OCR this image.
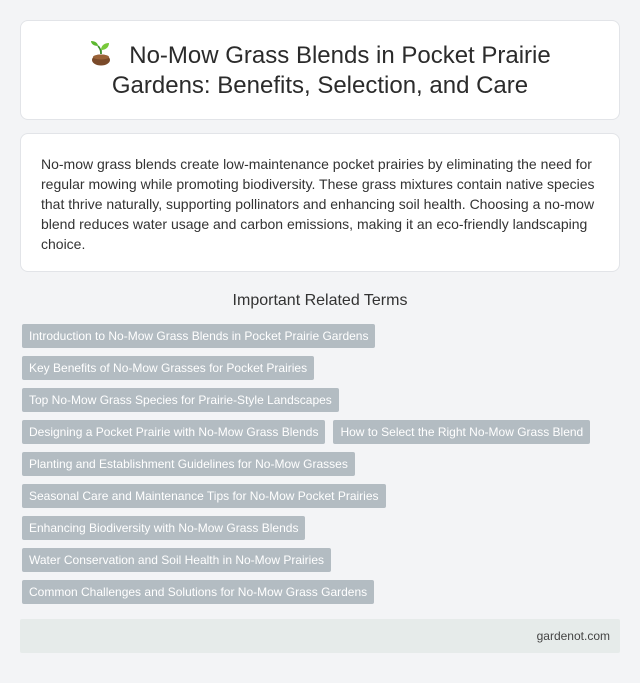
No-Mow Grass Blends in Pocket Prairie Gardens: Benefits, Selection, and Care

No-mow grass blends create low-maintenance pocket prairies by eliminating the need for regular mowing while promoting biodiversity. These grass mixtures contain native species that thrive naturally, supporting pollinators and enhancing soil health. Choosing a no-mow blend reduces water usage and carbon emissions, making it an eco-friendly landscaping choice.

Important Related Terms
Introduction to No-Mow Grass Blends in Pocket Prairie Gardens
Key Benefits of No-Mow Grasses for Pocket Prairies
Top No-Mow Grass Species for Prairie-Style Landscapes
Designing a Pocket Prairie with No-Mow Grass Blends	How to Select the Right No-Mow Grass Blend
Planting and Establishment Guidelines for No-Mow Grasses
Seasonal Care and Maintenance Tips for No-Mow Pocket Prairies
Enhancing Biodiversity with No-Mow Grass Blends
Water Conservation and Soil Health in No-Mow Prairies
Common Challenges and Solutions for No-Mow Grass Gardens
gardenot.com
